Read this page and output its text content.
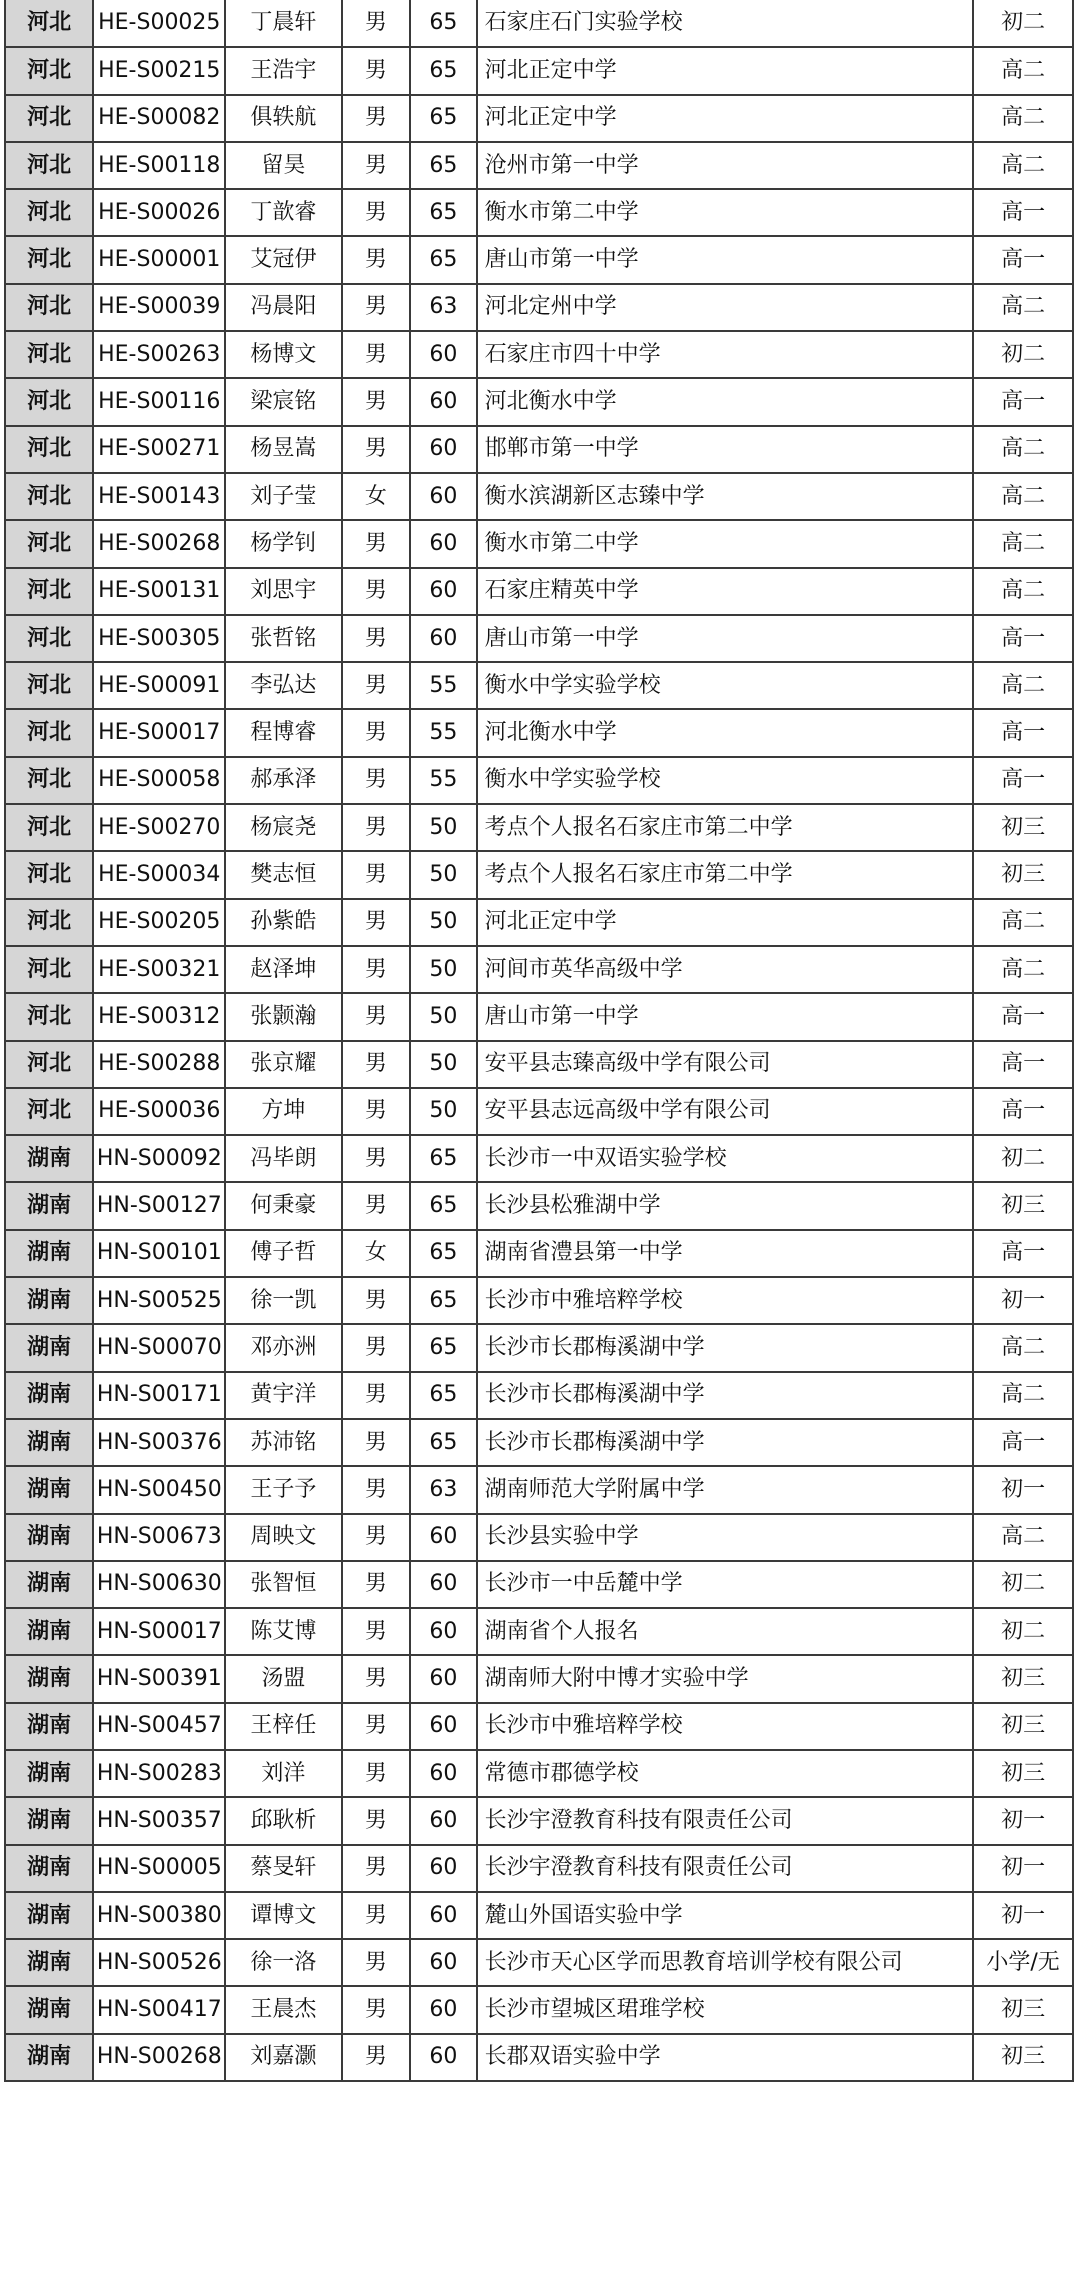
河北	HE-S00025	丁晨轩	男	65	石家庄石门实验学校	初二
河北	HE-S00215	王浩宇	男	65	河北正定中学	高二
河北	HE-S00082	俱轶航	男	65	河北正定中学	高二
河北	HE-S00118	留昊	男	65	沧州市第一中学	高二
河北	HE-S00026	丁歆睿	男	65	衡水市第二中学	高一
河北	HE-S00001	艾冠伊	男	65	唐山市第一中学	高一
河北	HE-S00039	冯晨阳	男	63	河北定州中学	高二
河北	HE-S00263	杨博文	男	60	石家庄市四十中学	初二
河北	HE-S00116	梁宸铭	男	60	河北衡水中学	高一
河北	HE-S00271	杨昱嵩	男	60	邯郸市第一中学	高二
河北	HE-S00143	刘子莹	女	60	衡水滨湖新区志臻中学	高二
河北	HE-S00268	杨学钊	男	60	衡水市第二中学	高二
河北	HE-S00131	刘思宇	男	60	石家庄精英中学	高二
河北	HE-S00305	张哲铭	男	60	唐山市第一中学	高一
河北	HE-S00091	李弘达	男	55	衡水中学实验学校	高二
河北	HE-S00017	程博睿	男	55	河北衡水中学	高一
河北	HE-S00058	郝承泽	男	55	衡水中学实验学校	高一
河北	HE-S00270	杨宸尧	男	50	考点个人报名石家庄市第二中学	初三
河北	HE-S00034	樊志恒	男	50	考点个人报名石家庄市第二中学	初三
河北	HE-S00205	孙紫皓	男	50	河北正定中学	高二
河北	HE-S00321	赵泽坤	男	50	河间市英华高级中学	高二
河北	HE-S00312	张颢瀚	男	50	唐山市第一中学	高一
河北	HE-S00288	张京耀	男	50	安平县志臻高级中学有限公司	高一
河北	HE-S00036	方坤	男	50	安平县志远高级中学有限公司	高一
湖南	HN-S00092	冯毕朗	男	65	长沙市一中双语实验学校	初二
湖南	HN-S00127	何秉豪	男	65	长沙县松雅湖中学	初三
湖南	HN-S00101	傅子哲	女	65	湖南省澧县第一中学	高一
湖南	HN-S00525	徐一凯	男	65	长沙市中雅培粹学校	初一
湖南	HN-S00070	邓亦洲	男	65	长沙市长郡梅溪湖中学	高二
湖南	HN-S00171	黄宇洋	男	65	长沙市长郡梅溪湖中学	高二
湖南	HN-S00376	苏沛铭	男	65	长沙市长郡梅溪湖中学	高一
湖南	HN-S00450	王子予	男	63	湖南师范大学附属中学	初一
湖南	HN-S00673	周映文	男	60	长沙县实验中学	高二
湖南	HN-S00630	张智恒	男	60	长沙市一中岳麓中学	初二
湖南	HN-S00017	陈艾博	男	60	湖南省个人报名	初二
湖南	HN-S00391	汤盟	男	60	湖南师大附中博才实验中学	初三
湖南	HN-S00457	王梓任	男	60	长沙市中雅培粹学校	初三
湖南	HN-S00283	刘洋	男	60	常德市郡德学校	初三
湖南	HN-S00357	邱耿析	男	60	长沙宇澄教育科技有限责任公司	初一
湖南	HN-S00005	蔡旻轩	男	60	长沙宇澄教育科技有限责任公司	初一
湖南	HN-S00380	谭博文	男	60	麓山外国语实验中学	初一
湖南	HN-S00526	徐一洛	男	60	长沙市天心区学而思教育培训学校有限公司	小学/无
湖南	HN-S00417	王晨杰	男	60	长沙市望城区珺琟学校	初三
湖南	HN-S00268	刘嘉灏	男	60	长郡双语实验中学	初三
